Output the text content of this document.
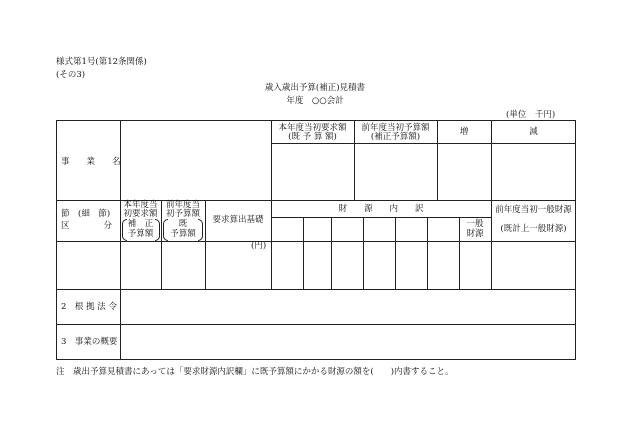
様式第1号(第12条関係)
(その3)
歳入歳出予算(補正)見積書
年度　○○会計
(単位　千円)
本年度当初要求額
(既 予 算 額)
前年度当初予算額
(補正予算額)	増	減
事　　業　　名
節　(細　節)
区　　　　分
本年度当
初要求額
補　正
予算額
前年度当
初予算額
既
予算額
要求算出基礎
(円)
財　　源　　内　　訳
一般
財源
前年度当初一般財源
(既計上一般財源)
2　根 拠 法 令
3　事業の概要
注　歳出予算見積書にあっては「要求財源内訳欄」に既予算額にかかる財源の額を(　　)内書すること。
